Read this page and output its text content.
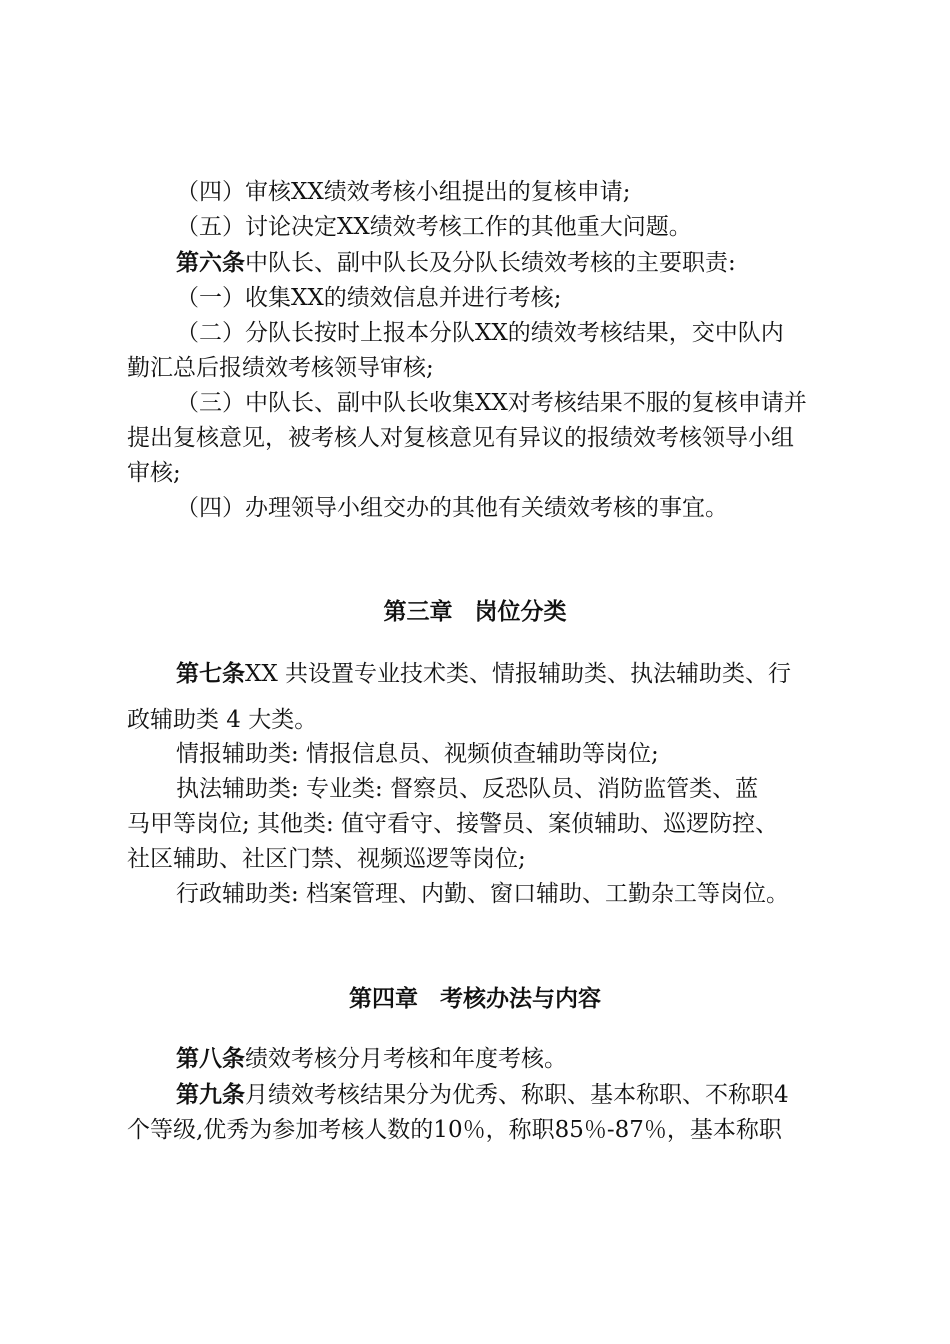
（四）审核XX绩效考核小组提出的复核申请;
（五）讨论决定XX绩效考核工作的其他重大问题。
第六条中队长、副中队长及分队长绩效考核的主要职责:
（一）收集XX的绩效信息并进行考核;
（二）分队长按时上报本分队XX的绩效考核结果，交中队内
勤汇总后报绩效考核领导审核;
（三）中队长、副中队长收集XX对考核结果不服的复核申请并
提出复核意见，被考核人对复核意见有异议的报绩效考核领导小组
审核;
（四）办理领导小组交办的其他有关绩效考核的事宜。
第三章 岗位分类
第七条XX 共设置专业技术类、情报辅助类、执法辅助类、行
政辅助类 4 大类。
情报辅助类: 情报信息员、视频侦查辅助等岗位;
执法辅助类: 专业类: 督察员、反恐队员、消防监管类、蓝
马甲等岗位; 其他类: 值守看守、接警员、案侦辅助、巡逻防控、
社区辅助、社区门禁、视频巡逻等岗位;
行政辅助类: 档案管理、内勤、窗口辅助、工勤杂工等岗位。
第四章 考核办法与内容
第八条绩效考核分月考核和年度考核。
第九条月绩效考核结果分为优秀、称职、基本称职、不称职4
个等级,优秀为参加考核人数的10％，称职85％-87％，基本称职
